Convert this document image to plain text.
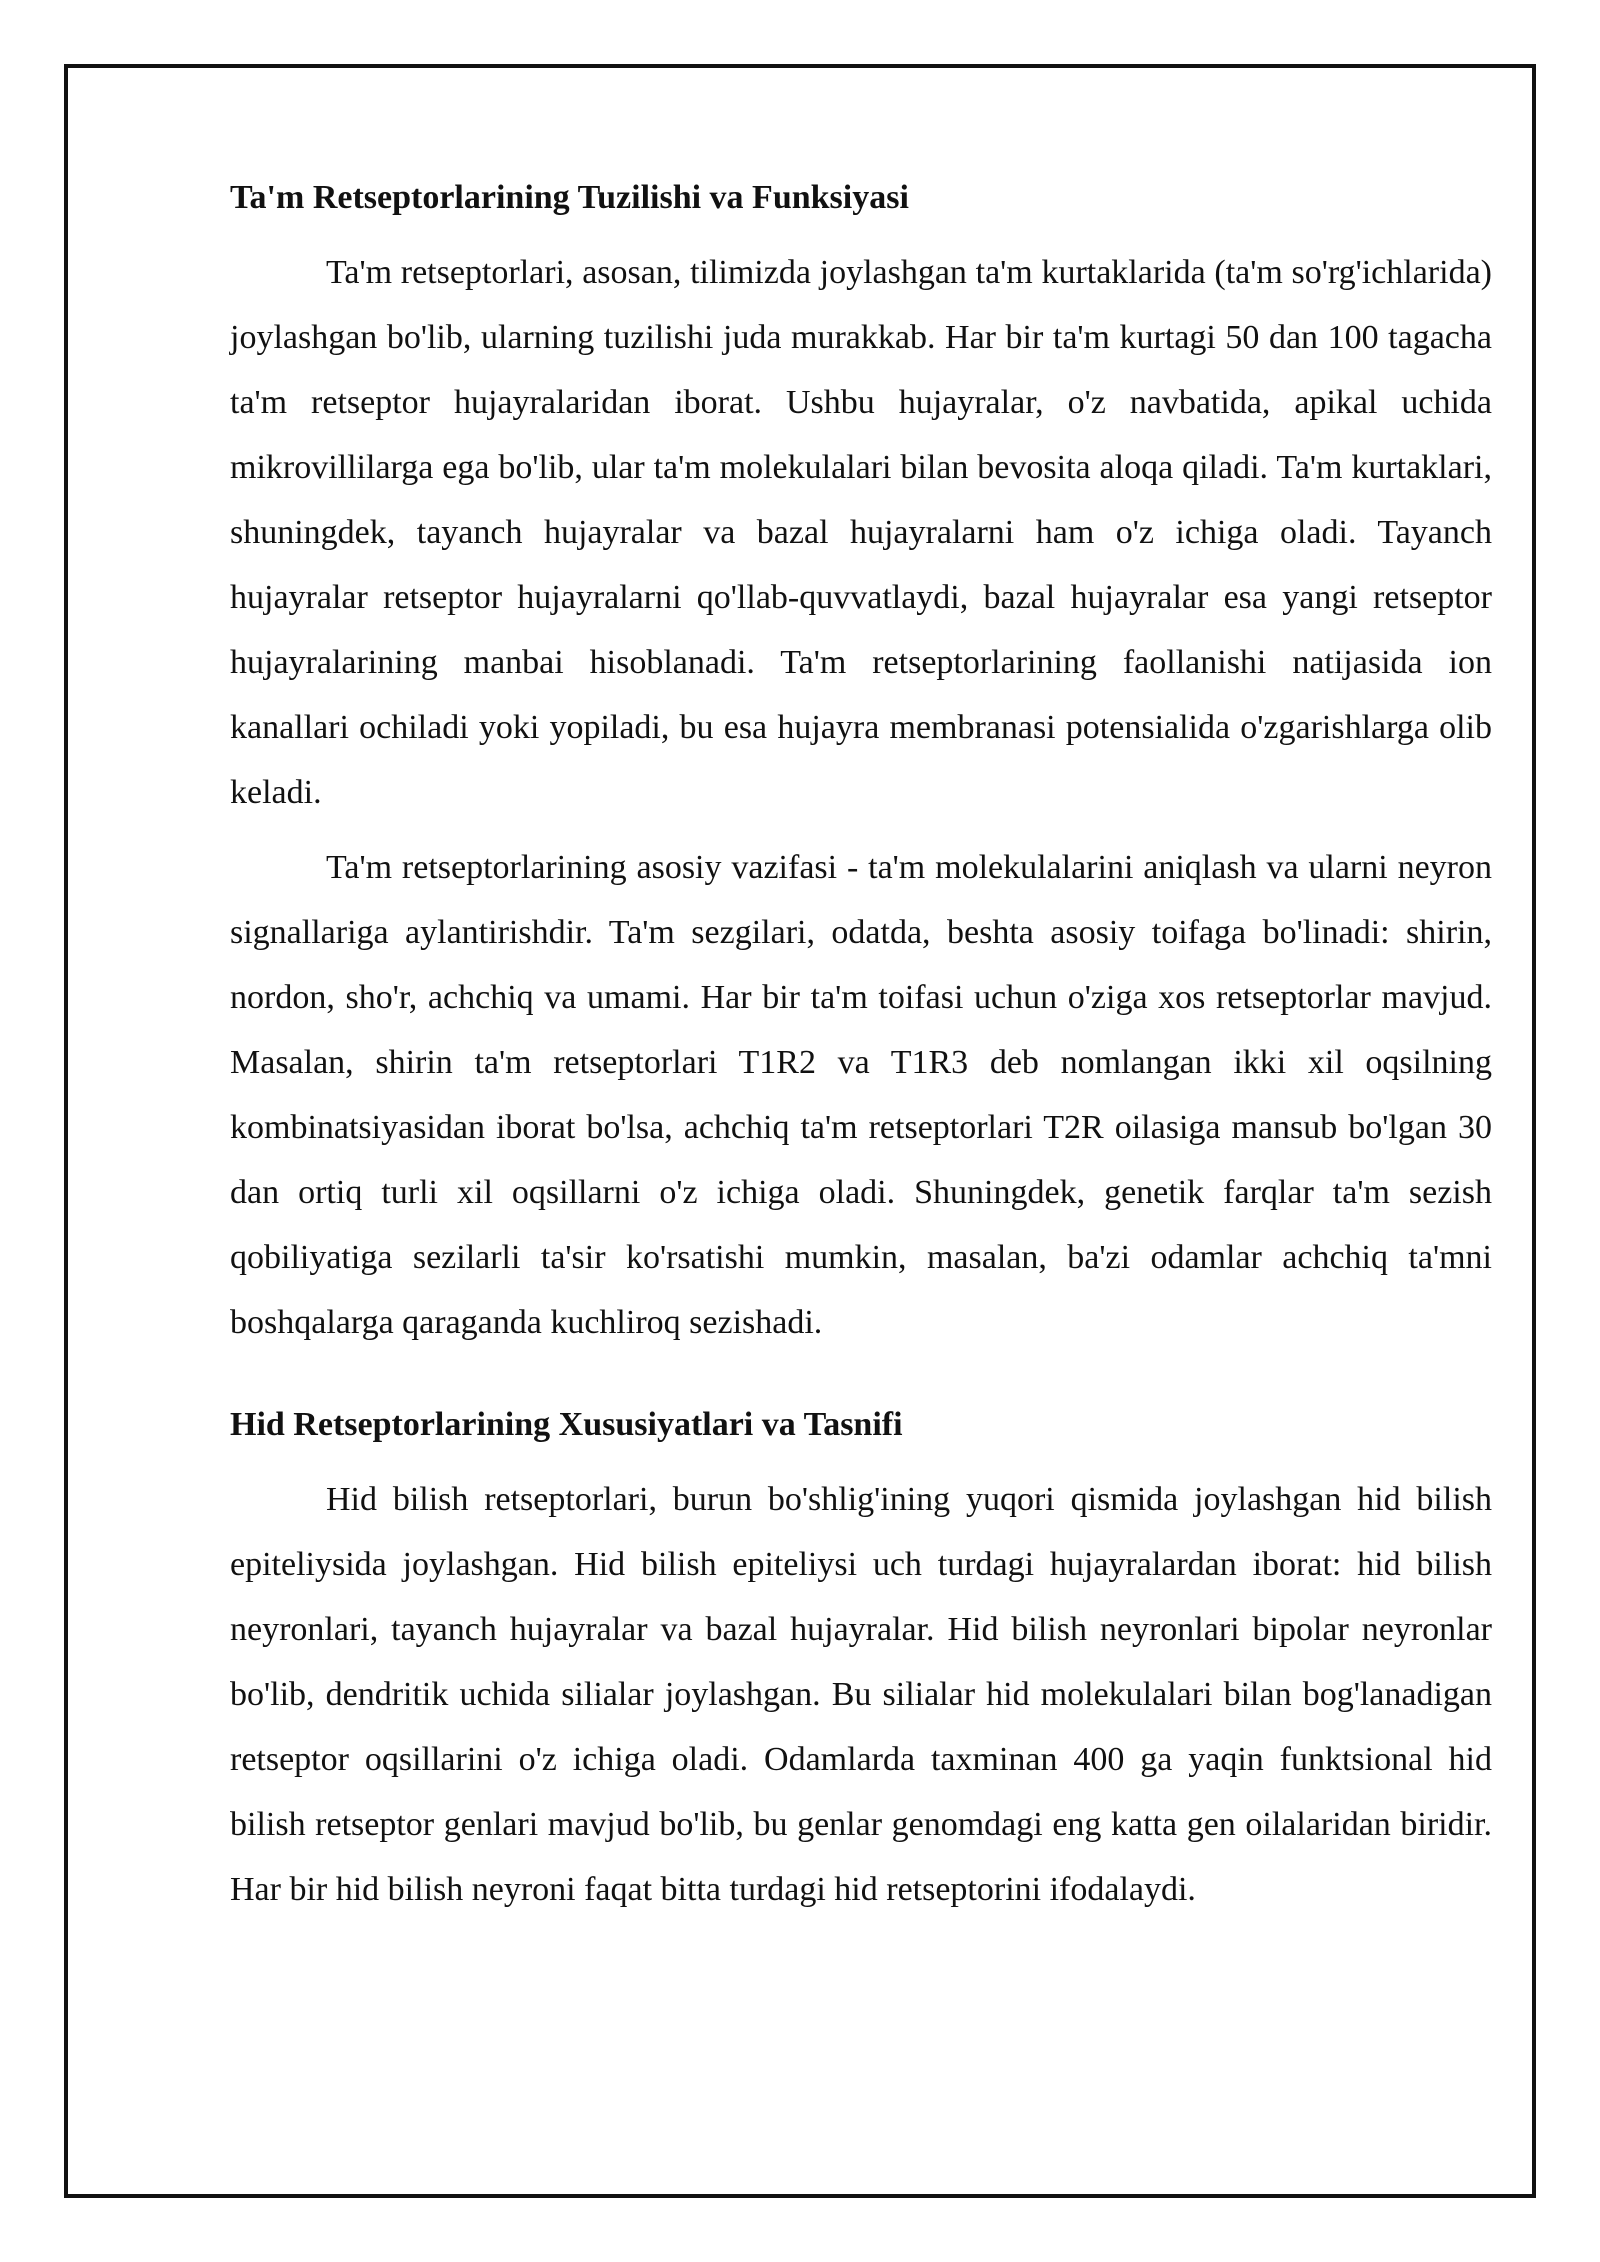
Ta'm Retseptorlarining Tuzilishi va Funksiyasi

Ta'm retseptorlari, asosan, tilimizda joylashgan ta'm kurtaklarida (ta'm so'rg'ichlarida) joylashgan bo'lib, ularning tuzilishi juda murakkab. Har bir ta'm kurtagi 50 dan 100 tagacha ta'm retseptor hujayralaridan iborat. Ushbu hujayralar, o'z navbatida, apikal uchida mikrovillilarga ega bo'lib, ular ta'm molekulalari bilan bevosita aloqa qiladi. Ta'm kurtaklari, shuningdek, tayanch hujayralar va bazal hujayralarni ham o'z ichiga oladi. Tayanch hujayralar retseptor hujayralarni qo'llab-quvvatlaydi, bazal hujayralar esa yangi retseptor hujayralarining manbai hisoblanadi. Ta'm retseptorlarining faollanishi natijasida ion kanallari ochiladi yoki yopiladi, bu esa hujayra membranasi potensialida o'zgarishlarga olib keladi.

Ta'm retseptorlarining asosiy vazifasi - ta'm molekulalarini aniqlash va ularni neyron signallariga aylantirishdir. Ta'm sezgilari, odatda, beshta asosiy toifaga bo'linadi: shirin, nordon, sho'r, achchiq va umami. Har bir ta'm toifasi uchun o'ziga xos retseptorlar mavjud. Masalan, shirin ta'm retseptorlari T1R2 va T1R3 deb nomlangan ikki xil oqsilning kombinatsiyasidan iborat bo'lsa, achchiq ta'm retseptorlari T2R oilasiga mansub bo'lgan 30 dan ortiq turli xil oqsillarni o'z ichiga oladi. Shuningdek, genetik farqlar ta'm sezish qobiliyatiga sezilarli ta'sir ko'rsatishi mumkin, masalan, ba'zi odamlar achchiq ta'mni boshqalarga qaraganda kuchliroq sezishadi.

Hid Retseptorlarining Xususiyatlari va Tasnifi

Hid bilish retseptorlari, burun bo'shlig'ining yuqori qismida joylashgan hid bilish epiteliysida joylashgan. Hid bilish epiteliysi uch turdagi hujayralardan iborat: hid bilish neyronlari, tayanch hujayralar va bazal hujayralar. Hid bilish neyronlari bipolar neyronlar bo'lib, dendritik uchida silialar joylashgan. Bu silialar hid molekulalari bilan bog'lanadigan retseptor oqsillarini o'z ichiga oladi. Odamlarda taxminan 400 ga yaqin funktsional hid bilish retseptor genlari mavjud bo'lib, bu genlar genomdagi eng katta gen oilalaridan biridir. Har bir hid bilish neyroni faqat bitta turdagi hid retseptorini ifodalaydi.
